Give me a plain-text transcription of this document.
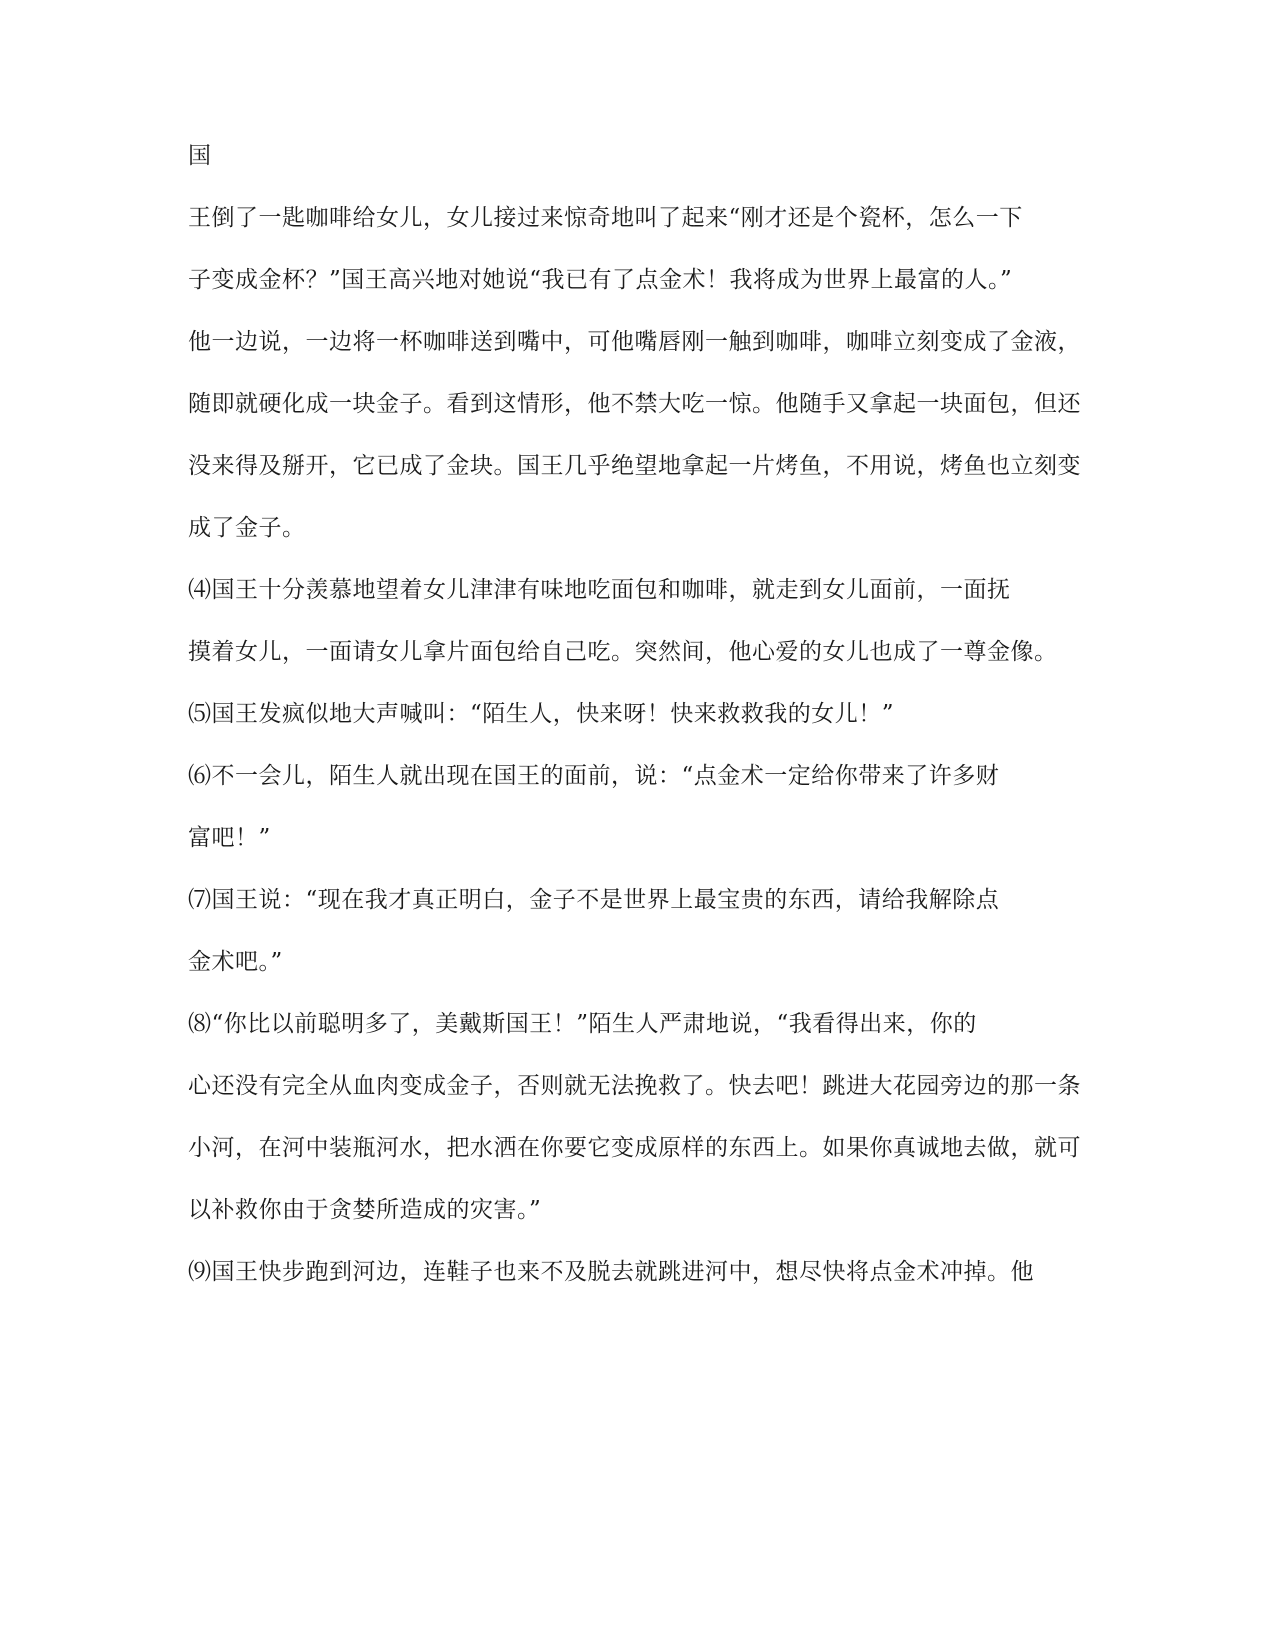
国

王倒了一匙咖啡给女儿，女儿接过来惊奇地叫了起来“刚才还是个瓷杯，怎么一下

子变成金杯？”国王高兴地对她说“我已有了点金术！我将成为世界上最富的人。”

他一边说，一边将一杯咖啡送到嘴中，可他嘴唇刚一触到咖啡，咖啡立刻变成了金液，

随即就硬化成一块金子。看到这情形，他不禁大吃一惊。他随手又拿起一块面包，但还

没来得及掰开，它已成了金块。国王几乎绝望地拿起一片烤鱼，不用说，烤鱼也立刻变

成了金子。

⑷国王十分羡慕地望着女儿津津有味地吃面包和咖啡，就走到女儿面前，一面抚

摸着女儿，一面请女儿拿片面包给自己吃。突然间，他心爱的女儿也成了一尊金像。

⑸国王发疯似地大声喊叫：“陌生人，快来呀！快来救救我的女儿！”

⑹不一会儿，陌生人就出现在国王的面前，说：“点金术一定给你带来了许多财

富吧！”

⑺国王说：“现在我才真正明白，金子不是世界上最宝贵的东西，请给我解除点

金术吧。”

⑻“你比以前聪明多了，美戴斯国王！”陌生人严肃地说，“我看得出来，你的

心还没有完全从血肉变成金子，否则就无法挽救了。快去吧！跳进大花园旁边的那一条

小河，在河中装瓶河水，把水洒在你要它变成原样的东西上。如果你真诚地去做，就可

以补救你由于贪婪所造成的灾害。”

⑼国王快步跑到河边，连鞋子也来不及脱去就跳进河中，想尽快将点金术冲掉。他
